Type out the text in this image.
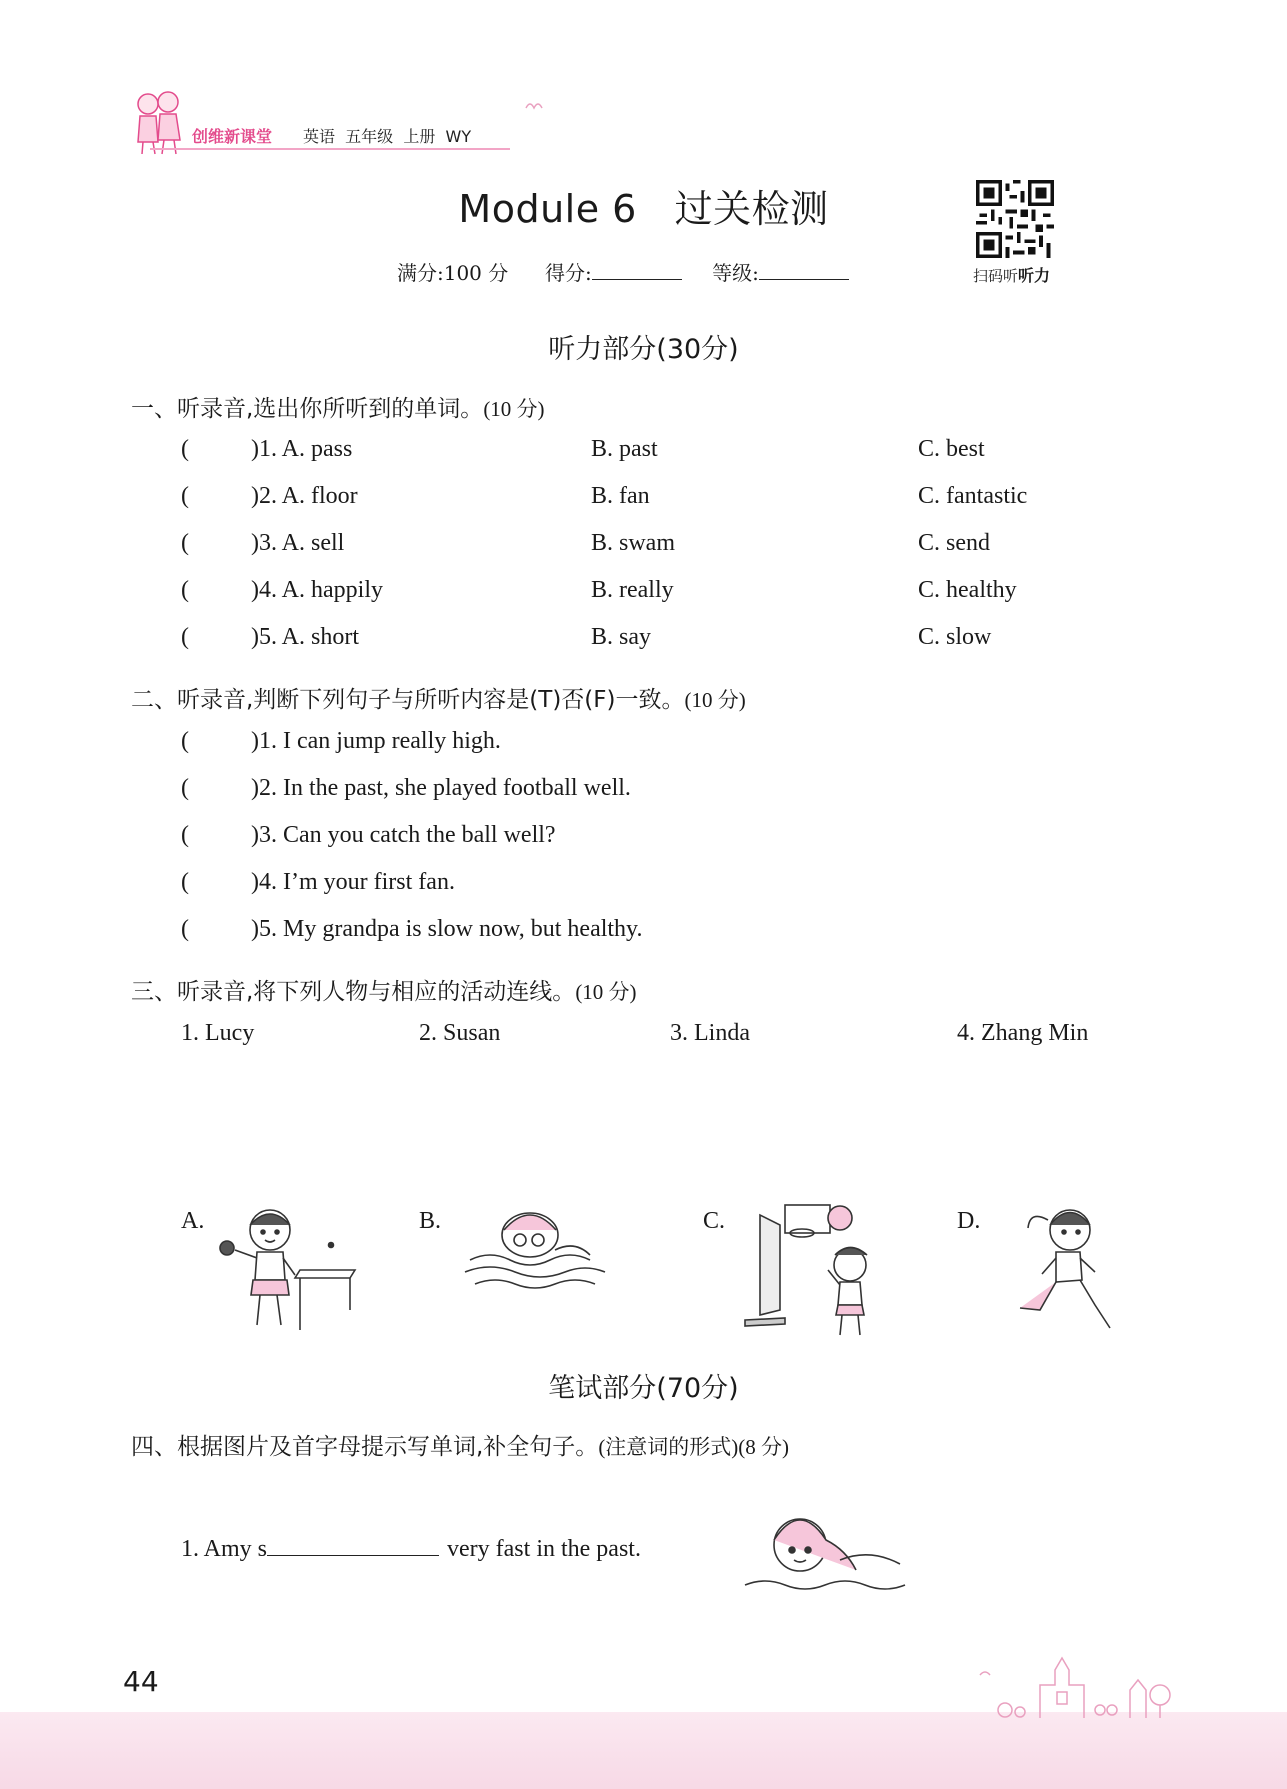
创维新课堂 英语  五年级  上册  WY
Module 6   过关检测
满分:100 分 得分:	等级:	扫码听听力
听力部分(30分)
一、听录音,选出你所听到的单词。(10 分)
(	)1. A. pass	B. past	C. best
(	)2. A. floor	B. fan	C. fantastic
(	)3. A. sell	B. swam	C. send
(	)4. A. happily	B. really	C. healthy
(	)5. A. short	B. say	C. slow
二、听录音,判断下列句子与所听内容是(T)否(F)一致。(10 分)
(	)1. I can jump really high.
(	)2. In the past, she played football well.
(	)3. Can you catch the ball well?
(	)4. I’m your first fan.
(	)5. My grandpa is slow now, but healthy.
三、听录音,将下列人物与相应的活动连线。(10 分)
1. Lucy	2. Susan	3. Linda	4. Zhang Min
A.	B.	C.	D.
笔试部分(70分)
四、根据图片及首字母提示写单词,补全句子。(注意词的形式)(8 分)
1. Amy s	very fast in the past.
44
